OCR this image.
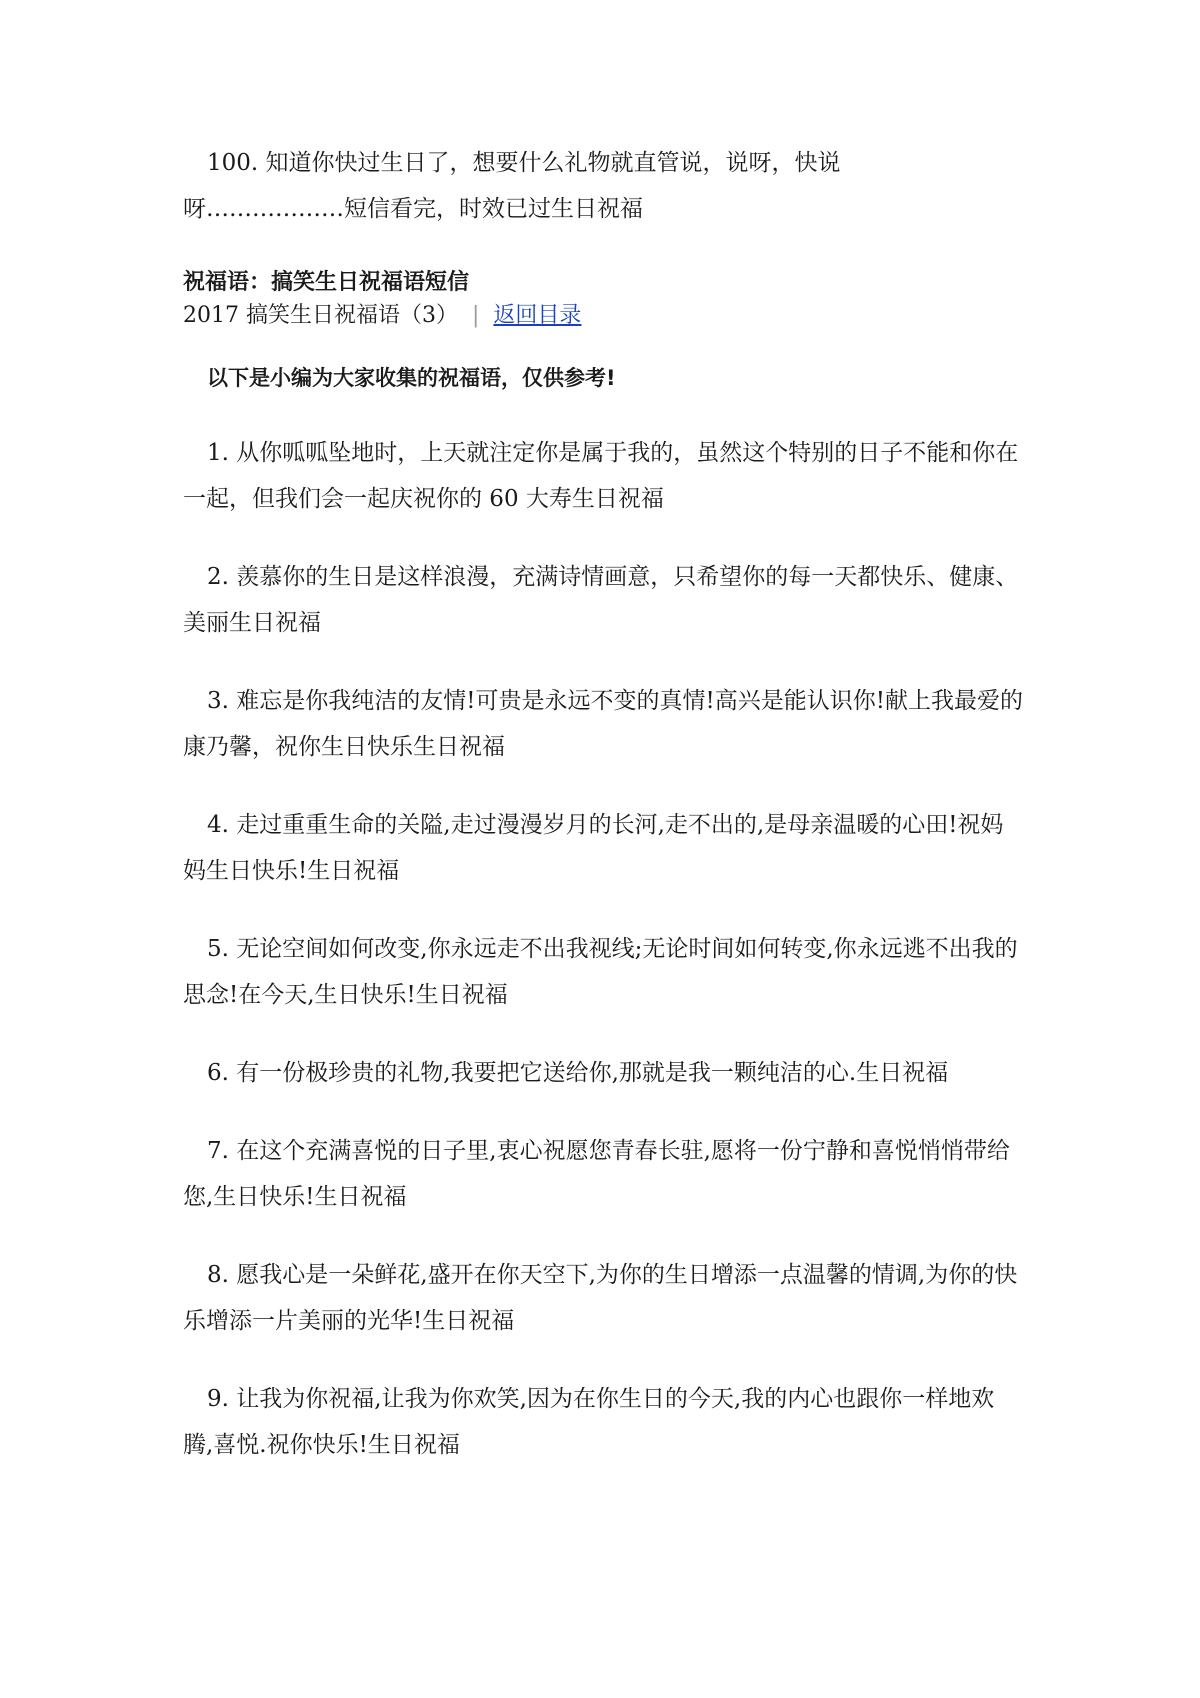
100. 知道你快过生日了，想要什么礼物就直管说，说呀，快说呀………………短信看完，时效已过生日祝福

祝福语：搞笑生日祝福语短信

2017 搞笑生日祝福语（3） | 返回目录

以下是小编为大家收集的祝福语，仅供参考!

1. 从你呱呱坠地时，上天就注定你是属于我的，虽然这个特别的日子不能和你在一起，但我们会一起庆祝你的 60 大寿生日祝福

2. 羡慕你的生日是这样浪漫，充满诗情画意，只希望你的每一天都快乐、健康、美丽生日祝福

3. 难忘是你我纯洁的友情!可贵是永远不变的真情!高兴是能认识你!献上我最爱的康乃馨，祝你生日快乐生日祝福

4. 走过重重生命的关隘,走过漫漫岁月的长河,走不出的,是母亲温暖的心田!祝妈妈生日快乐!生日祝福

5. 无论空间如何改变,你永远走不出我视线;无论时间如何转变,你永远逃不出我的思念!在今天,生日快乐!生日祝福

6. 有一份极珍贵的礼物,我要把它送给你,那就是我一颗纯洁的心.生日祝福

7. 在这个充满喜悦的日子里,衷心祝愿您青春长驻,愿将一份宁静和喜悦悄悄带给您,生日快乐!生日祝福

8. 愿我心是一朵鲜花,盛开在你天空下,为你的生日增添一点温馨的情调,为你的快乐增添一片美丽的光华!生日祝福

9. 让我为你祝福,让我为你欢笑,因为在你生日的今天,我的内心也跟你一样地欢腾,喜悦.祝你快乐!生日祝福
